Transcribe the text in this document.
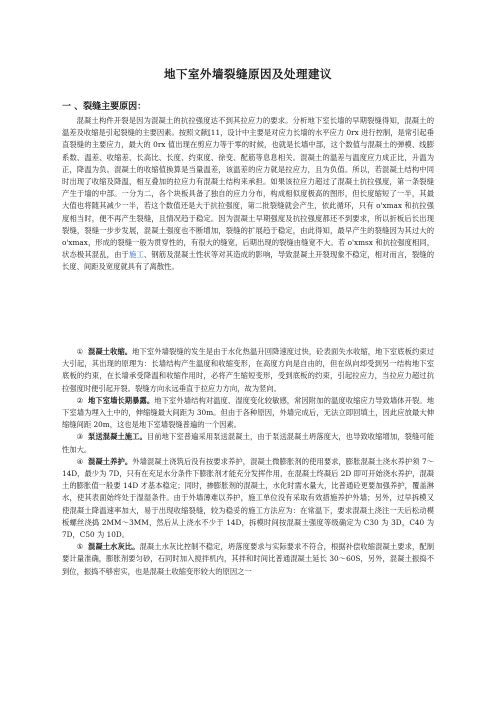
地下室外墙裂缝原因及处理建议
一 、裂缝主要原因：

混凝土构件开裂是因为混凝土的抗拉强度达不到其拉应力的要求。分析地下室长墙的早期裂缝得知，混凝土的温差及收缩是引起裂缝的主要因素。按照文献[11，设计中主要是对应力长墙的水平应力 0rx 进行控制，是常引起垂直裂缝的主要应力，最大的 0rx 值出现在剪应力等于零的时候，也就是长墙中部，这个数值与混凝土的弹模、线膨系数、温差、收缩差、长高比、长度、约束度、徐变、配筋等息息相关。混凝土的温差与温度应力成正比，升温为正，降温为负。混凝土的收缩值换算是当量温差，该温差的应力就是拉应力，且为负值。所以，若混凝土结构中同时出现了收缩及降温，相互叠加的拉应力有混凝土结构来承担。如果该拉应力超过了混凝土抗拉强度，第一条裂缝产生于墙的中部。一分为二，各个块板具备了独自的应力分布，构成相似度极高的图形，但长度缩短了一半，其最大值也将随其减少一半，若这个数值还是大于抗拉强度，第二批裂缝就会产生，依此循环，只有 o'xmax 和抗拉强度相当时，便不再产生裂缝，且情况趋于稳定。因为混凝土早期强度及抗拉强度都还不到要求，所以折板后长出现裂缝，裂缝一步步发展，混凝土强度也不断增加，裂缝的扩展趋于稳定，由此得知，最早产生的裂缝因为其过大的 o'xmax，形成的裂缝一般为贯穿性的，有很大的缝宽，后期出现的裂缝由缝宽不大。若 o'xmsx 和抗拉强度相同，状态极其混乱，由于施工、钢筋及混凝土性状等对其造成的影响，导致混凝土开裂现象不稳定，相对而言，裂缝的长度、间距及宽度就具有了离散性。

① 混凝土收缩。地下室外墙裂缝的发生是由于水化热温升回降速度过快，砼表面失水收缩，地下室底板约束过大引起，其出现的原理为：长墙结构产生温度和收缩变形，在高度方向是自由的，但在纵向却受到另一结构地下室底板的约束，在长墙承受降温和收缩作用时，必将产生缩短变形，受到底板的约束，引起拉应力，当拉应力超过抗拉强度时便引起开裂。裂缝方向永远垂直于拉应力方向，故为竖向。

② 地下室墙长期暴露。地下室外墙结构对温度、湿度变化较敏感，常因附加的温度收缩应力导致墙体开裂。地下室墙为埋入土中的，伸缩缝最大间距为 30m。但由于各种原因，外墙完成后，无法立即回填土，因此应放最大伸缩缝间距 20m，这也是地下室墙裂缝普遍的一个因素。

③ 泵送混凝土施工。目前地下室普遍采用泵送混凝土，由于泵送混凝土坍落度大，也导致收缩增加，裂缝可能性加大。

④ 混凝土养护。外墙混凝土浇筑后没有按要求养护，混凝土微膨胀剂的使用要求，膨胀混凝土浇水养护须 7～14D，最少为 7D，只有在充足水分条件下膨胀剂才能充分发挥作用，在混凝土终凝后 2D 即可开始浇水养护，混凝土的膨胀值一般要 14D 才基本稳定；同时，掺膨胀剂的混凝土，水化时需水量大，比普通砼更要加强养护，覆盖淋水，使其表面始终处于湿湿条件。由于外墙薄难以养护，施工单位没有采取有效措施养护外墙；另外，过早拆模又使混凝土降温速率加大，易于出现收缩裂缝，较为稳妥的施工方法应为：在常温下，要求混凝土浇注一天后松动模板螺丝浇捣 2MM～3MM，然后从上浇水不少于 14D，拆模时间按混凝土强度等级确定为 C30 为 3D，C40 为 7D，C50 为 10D。

⑤ 混凝土水灰比。混凝土水灰比控制不稳定，坍落度要求与实际要求不符合，根据补偿收缩混凝土要求，配制要计量准确，膨胀剂要匀砂，石同时加入搅拌机内，其拌和时间比普通混凝土延长 30～60S，另外，混凝土振捣不到位，振捣不够密实，也是混凝土收缩变形较大的原因之一
